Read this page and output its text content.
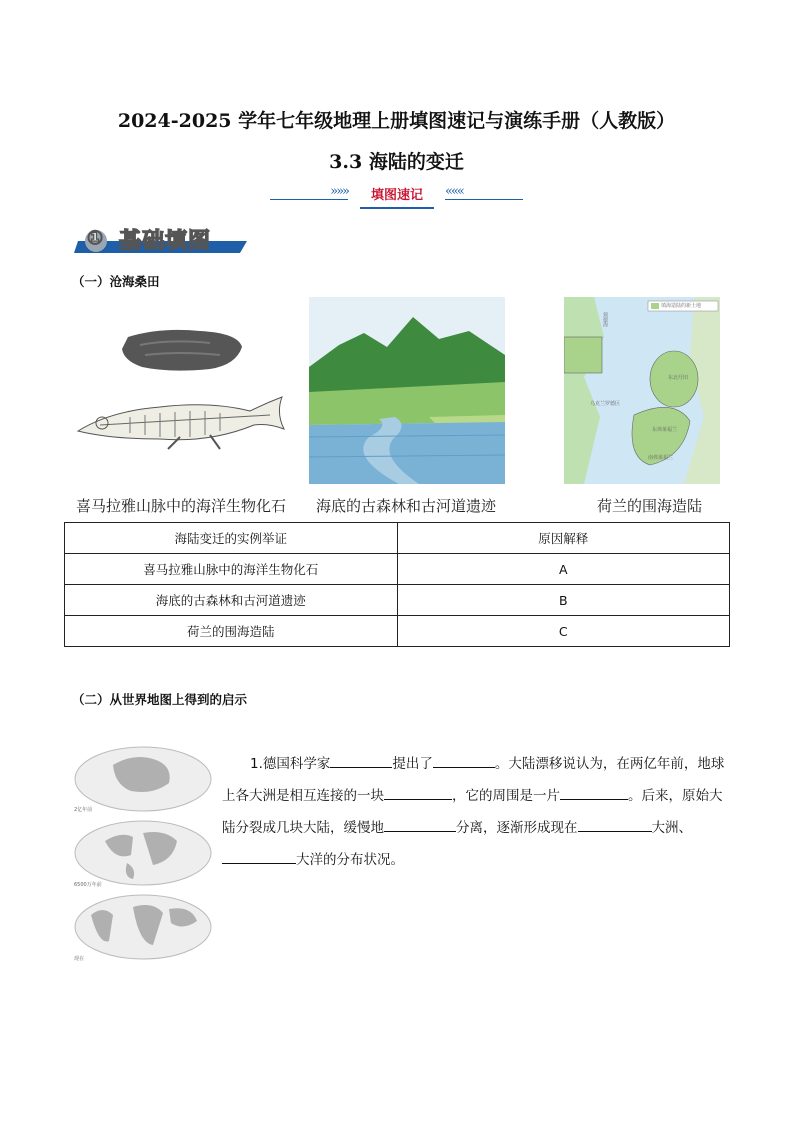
2024-2025 学年七年级地理上册填图速记与演练手册（人教版）
3.3 海陆的变迁
»»»	填图速记	«««
① 基础填图
（一）沧海桑田
填海造陆的新土地
须德海
东北圩田
乌克兰罗德区
南弗莱福兰
东弗莱福兰
喜马拉雅山脉中的海洋生物化石 海底的古森林和古河道遗迹	荷兰的围海造陆
海陆变迁的实例举证	原因解释
喜马拉雅山脉中的海洋生物化石	A
海底的古森林和古河道遗迹	B
荷兰的围海造陆	C
（二）从世界地图上得到的启示
2亿年前
6500万年前
现在
1.德国科学家	提出了	。大陆漂移说认为，在两亿年前，地球上各大洲是相互连接的一块	，它的周围是一片	。后来，原始大陆分裂成几块大陆，缓慢地	分离，逐渐形成现在	大洲、大洋的分布状况。
